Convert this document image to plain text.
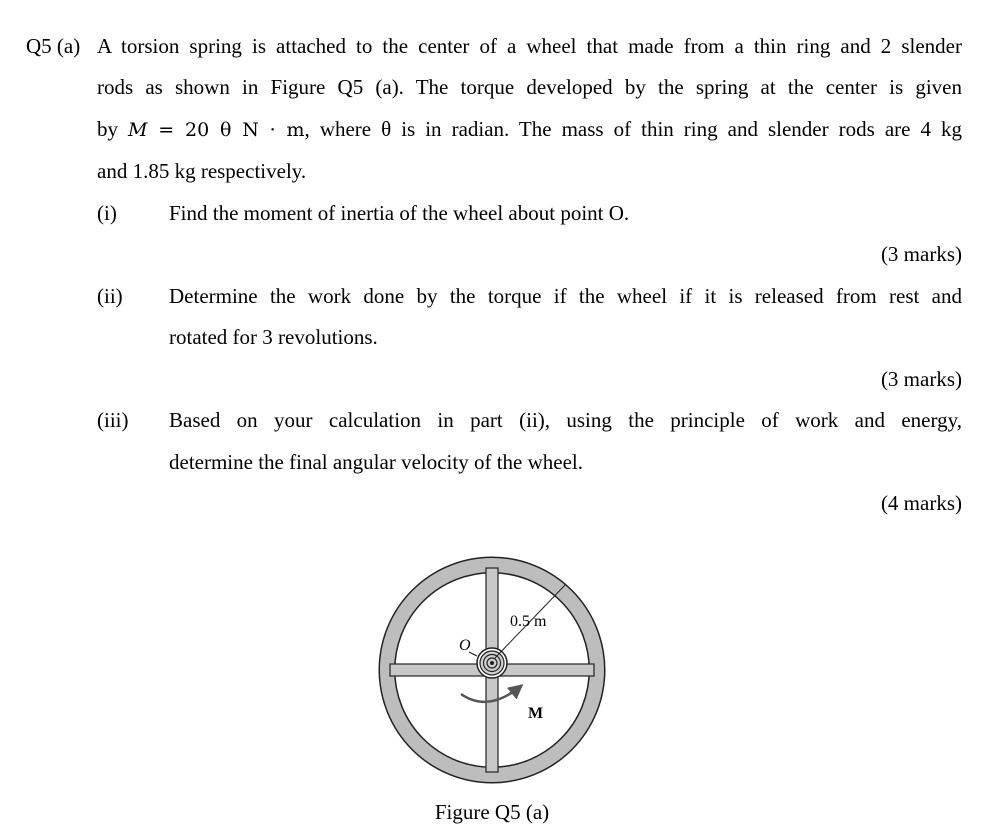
Q5 (a) A torsion spring is attached to the center of a wheel that made from a thin ring and 2 slender
rods as shown in Figure Q5 (a). The torque developed by the spring at the center is given
by M = 20 θ N · m, where θ is in radian. The mass of thin ring and slender rods are 4 kg
and 1.85 kg respectively.
(i) Find the moment of inertia of the wheel about point O.
(3 marks)
(ii) Determine the work done by the torque if the wheel if it is released from rest and
rotated for 3 revolutions.
(3 marks)
(iii) Based on your calculation in part (ii), using the principle of work and energy,
determine the final angular velocity of the wheel.
(4 marks)
0.5 m
O
M
Figure Q5 (a)
